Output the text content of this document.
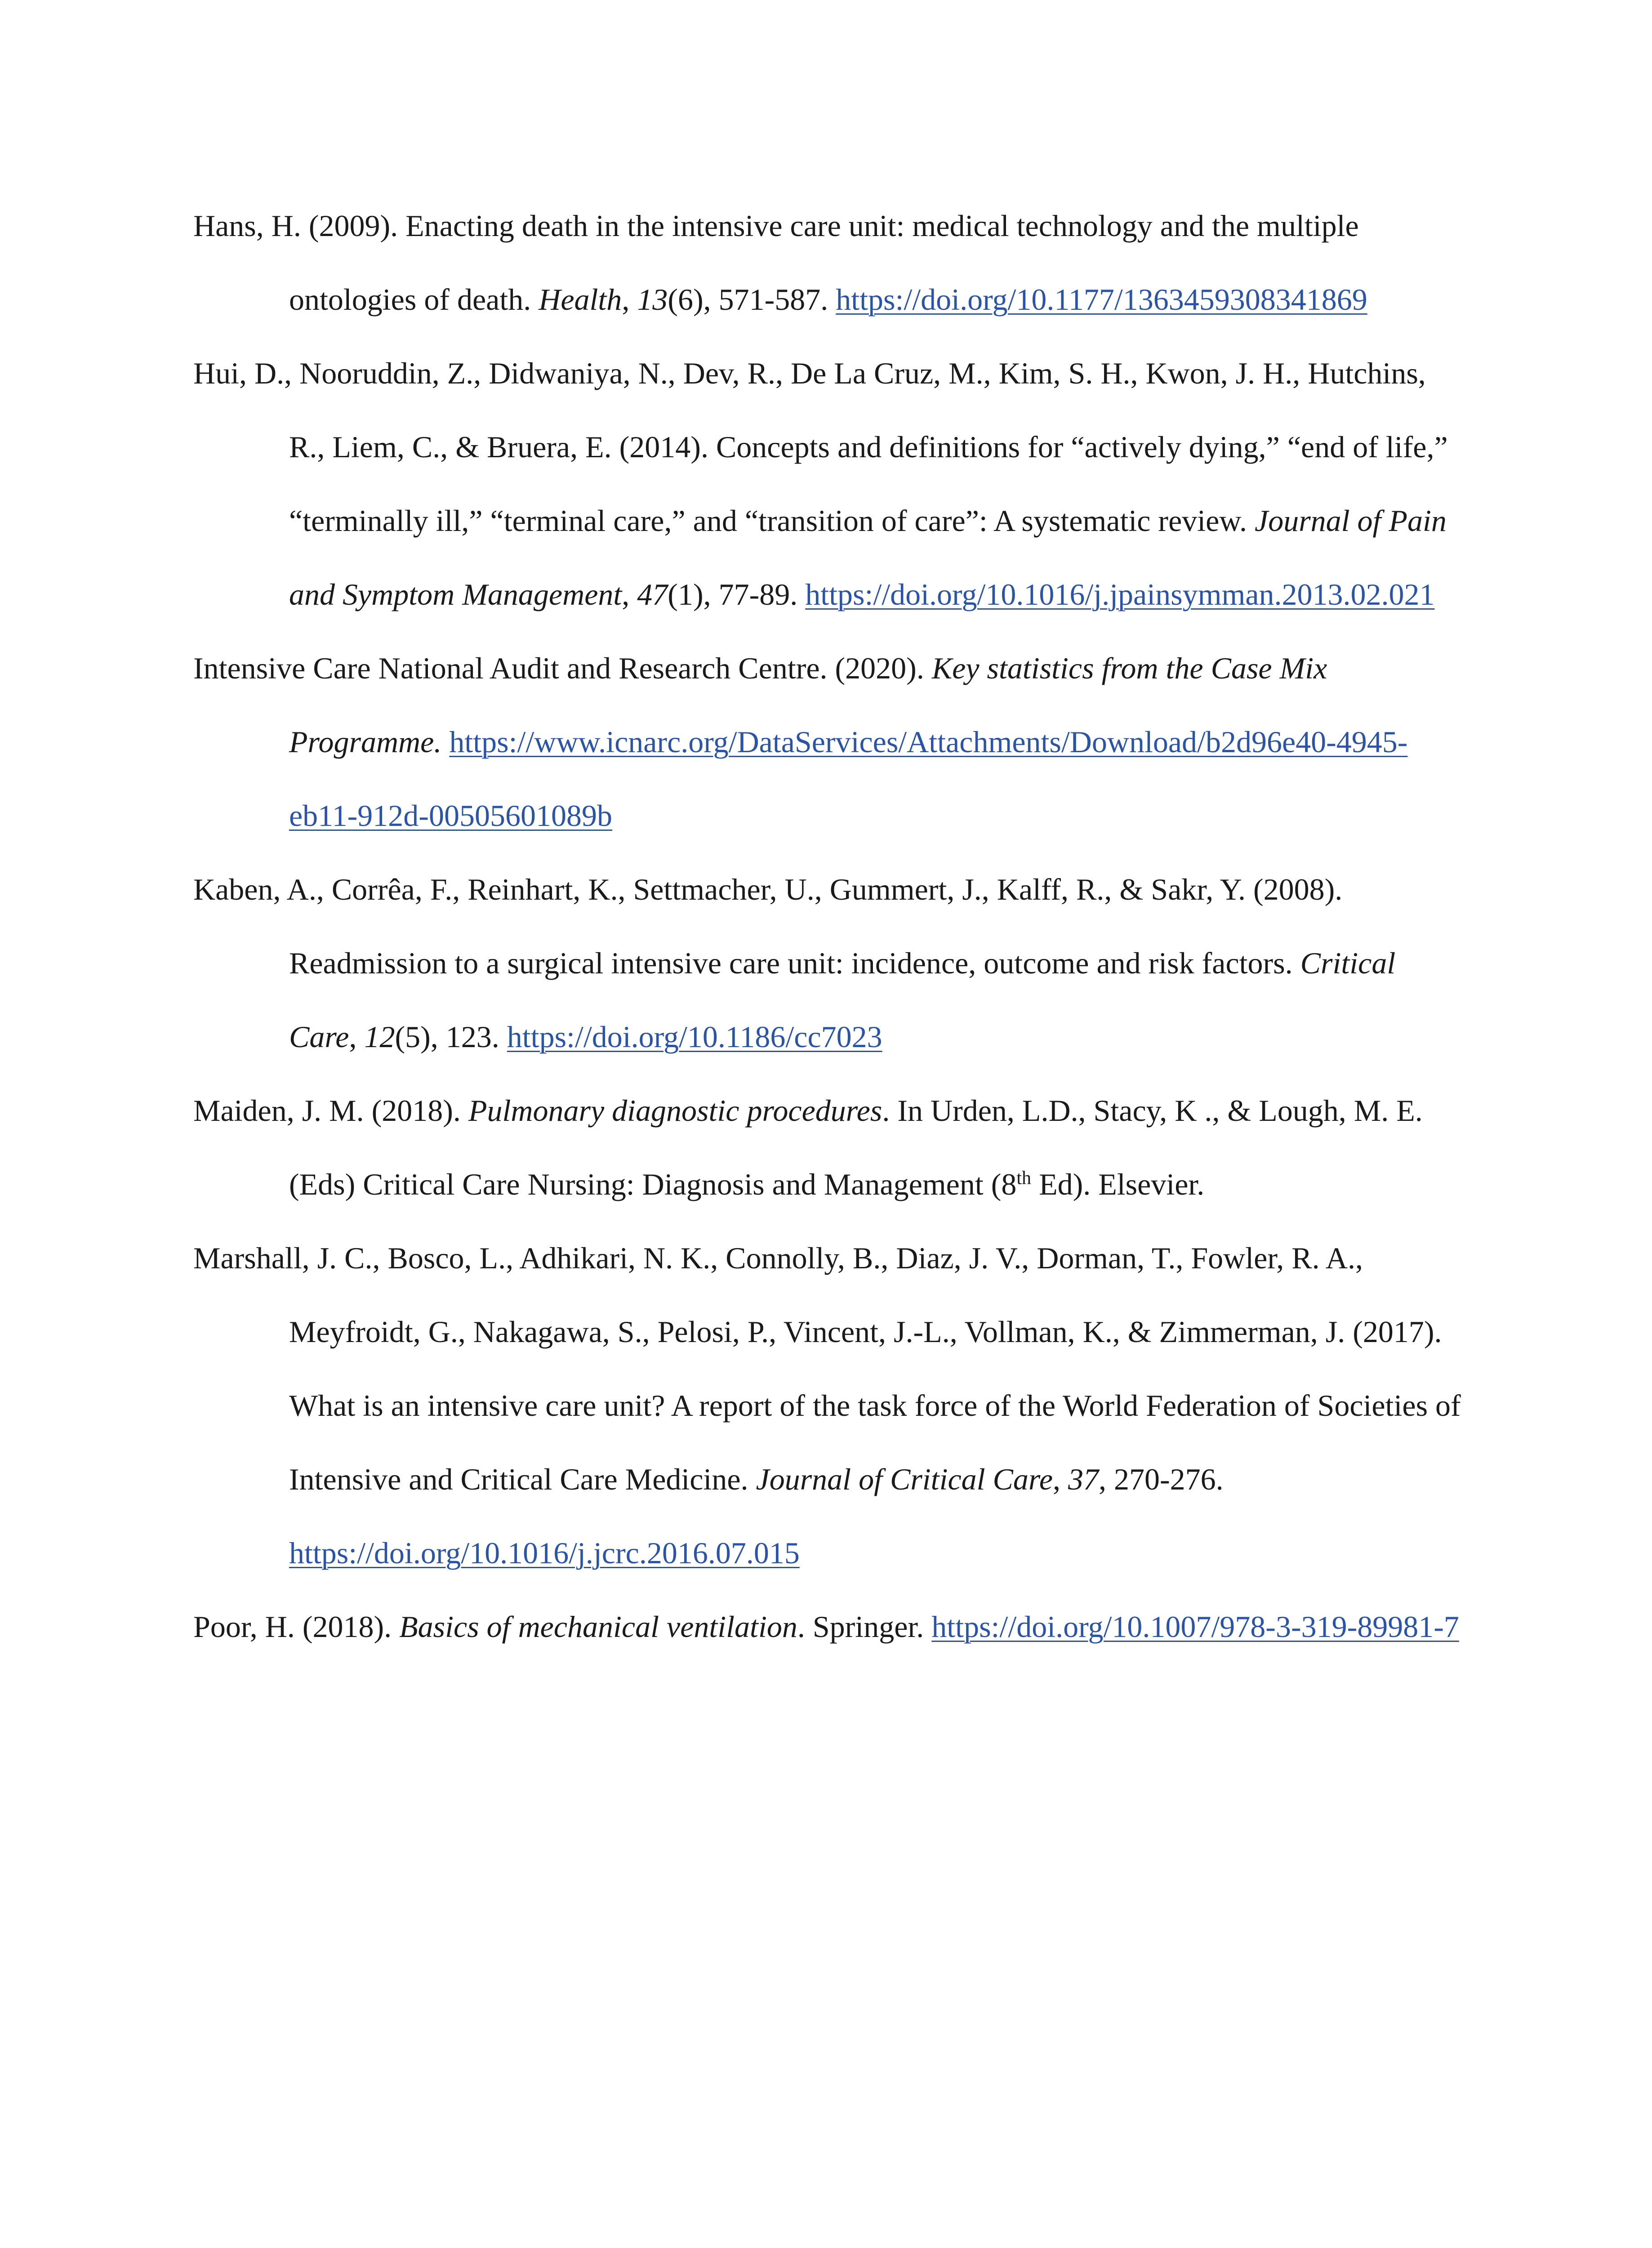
Hans, H. (2009). Enacting death in the intensive care unit: medical technology and the multiple ontologies of death. Health, 13(6), 571-587. https://doi.org/10.1177/1363459308341869

Hui, D., Nooruddin, Z., Didwaniya, N., Dev, R., De La Cruz, M., Kim, S. H., Kwon, J. H., Hutchins, R., Liem, C., & Bruera, E. (2014). Concepts and definitions for “actively dying,” “end of life,” “terminally ill,” “terminal care,” and “transition of care”: A systematic review. Journal of Pain and Symptom Management, 47(1), 77-89. https://doi.org/10.1016/j.jpainsymman.2013.02.021

Intensive Care National Audit and Research Centre. (2020). Key statistics from the Case Mix Programme. https://www.icnarc.org/DataServices/Attachments/Download/b2d96e40-4945-eb11-912d-00505601089b

Kaben, A., Corrêa, F., Reinhart, K., Settmacher, U., Gummert, J., Kalff, R., & Sakr, Y. (2008). Readmission to a surgical intensive care unit: incidence, outcome and risk factors. Critical Care, 12(5), 123. https://doi.org/10.1186/cc7023

Maiden, J. M. (2018). Pulmonary diagnostic procedures. In Urden, L.D., Stacy, K ., & Lough, M. E. (Eds) Critical Care Nursing: Diagnosis and Management (8th Ed). Elsevier.

Marshall, J. C., Bosco, L., Adhikari, N. K., Connolly, B., Diaz, J. V., Dorman, T., Fowler, R. A., Meyfroidt, G., Nakagawa, S., Pelosi, P., Vincent, J.-L., Vollman, K., & Zimmerman, J. (2017). What is an intensive care unit? A report of the task force of the World Federation of Societies of Intensive and Critical Care Medicine. Journal of Critical Care, 37, 270-276. https://doi.org/10.1016/j.jcrc.2016.07.015

Poor, H. (2018). Basics of mechanical ventilation. Springer. https://doi.org/10.1007/978-3-319-89981-7
